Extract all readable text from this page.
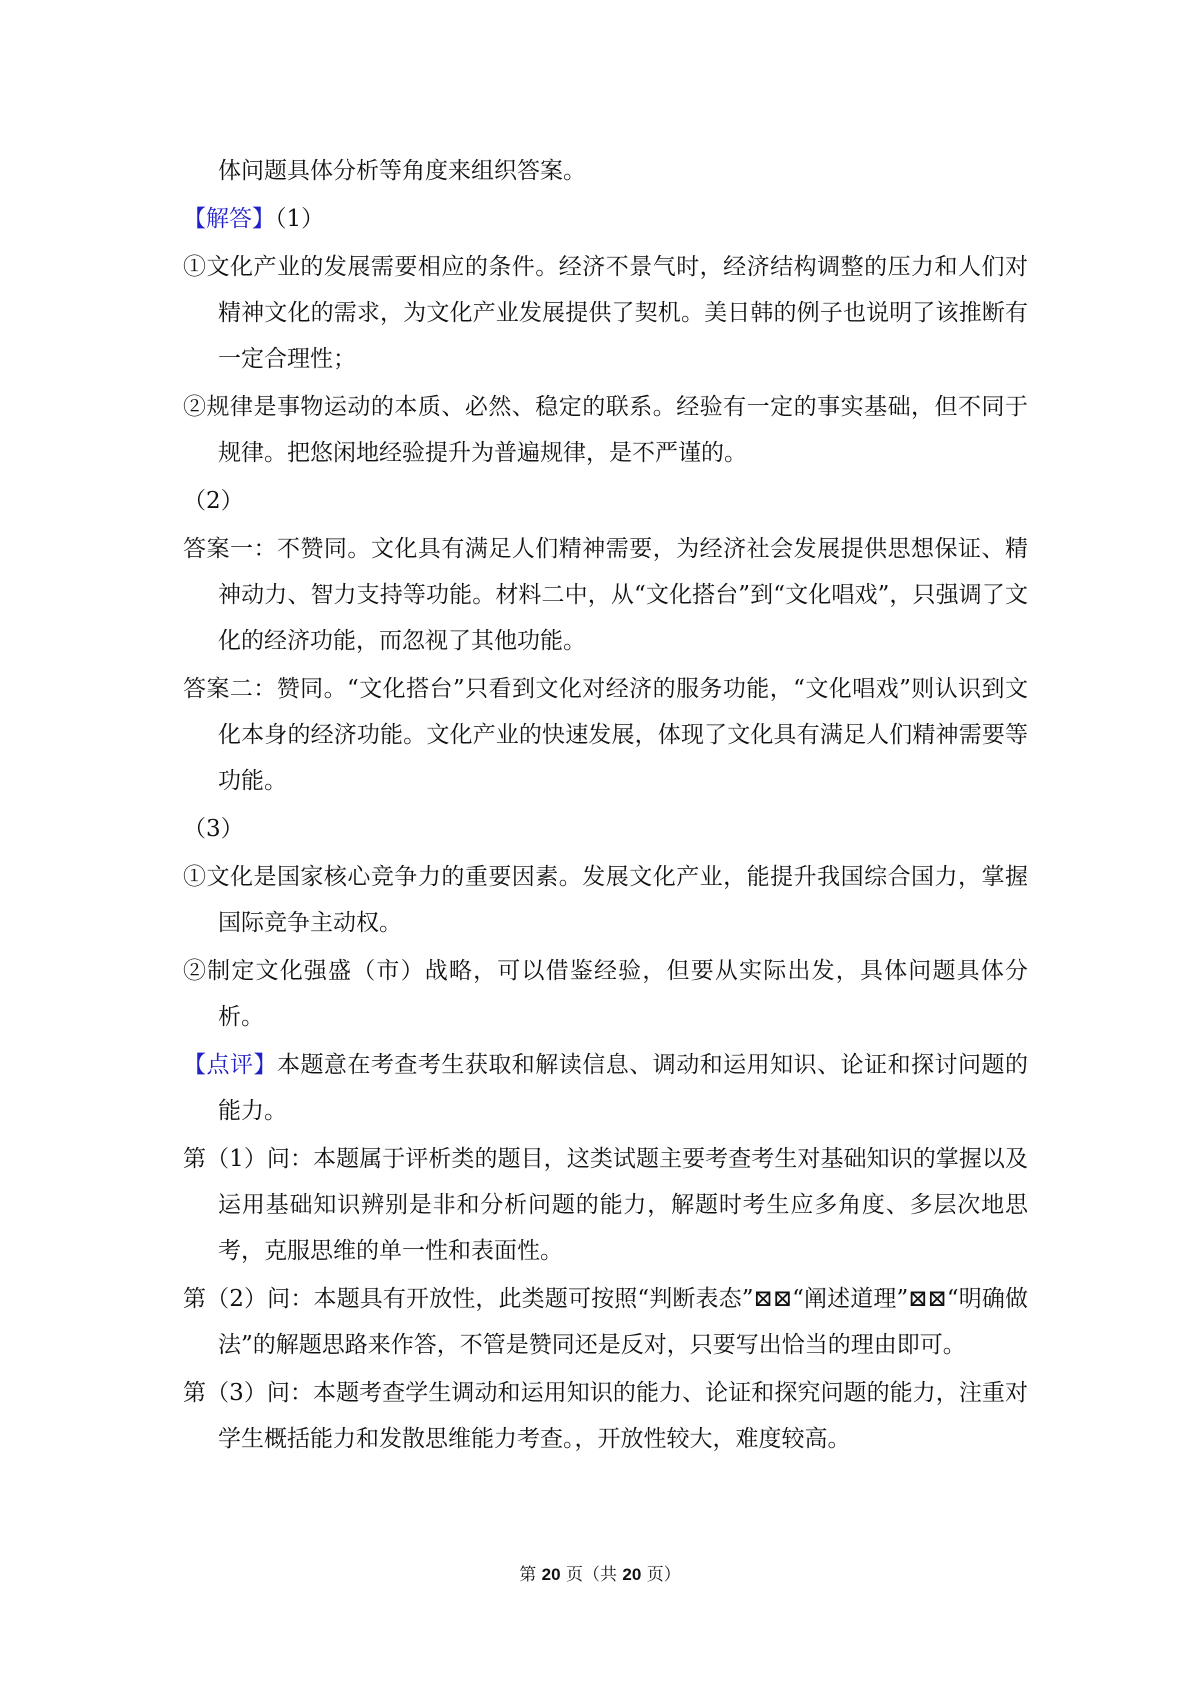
体问题具体分析等角度来组织答案。

【解答】（1）

①文化产业的发展需要相应的条件。经济不景气时，经济结构调整的压力和人们对精神文化的需求，为文化产业发展提供了契机。美日韩的例子也说明了该推断有一定合理性；

②规律是事物运动的本质、必然、稳定的联系。经验有一定的事实基础，但不同于规律。把悠闲地经验提升为普遍规律，是不严谨的。

（2）

答案一：不赞同。文化具有满足人们精神需要，为经济社会发展提供思想保证、精神动力、智力支持等功能。材料二中，从“文化搭台”到“文化唱戏”，只强调了文化的经济功能，而忽视了其他功能。

答案二：赞同。“文化搭台”只看到文化对经济的服务功能，“文化唱戏”则认识到文化本身的经济功能。文化产业的快速发展，体现了文化具有满足人们精神需要等功能。

（3）

①文化是国家核心竞争力的重要因素。发展文化产业，能提升我国综合国力，掌握国际竞争主动权。

②制定文化强盛（市）战略，可以借鉴经验，但要从实际出发，具体问题具体分析。

【点评】本题意在考查考生获取和解读信息、调动和运用知识、论证和探讨问题的能力。

第（1）问：本题属于评析类的题目，这类试题主要考查考生对基础知识的掌握以及运用基础知识辨别是非和分析问题的能力，解题时考生应多角度、多层次地思考，克服思维的单一性和表面性。

第（2）问：本题具有开放性，此类题可按照“判断表态”⊠⊠“阐述道理”⊠⊠“明确做法”的解题思路来作答，不管是赞同还是反对，只要写出恰当的理由即可。

第（3）问：本题考查学生调动和运用知识的能力、论证和探究问题的能力，注重对学生概括能力和发散思维能力考查。，开放性较大，难度较高。

第 20 页（共 20 页）
